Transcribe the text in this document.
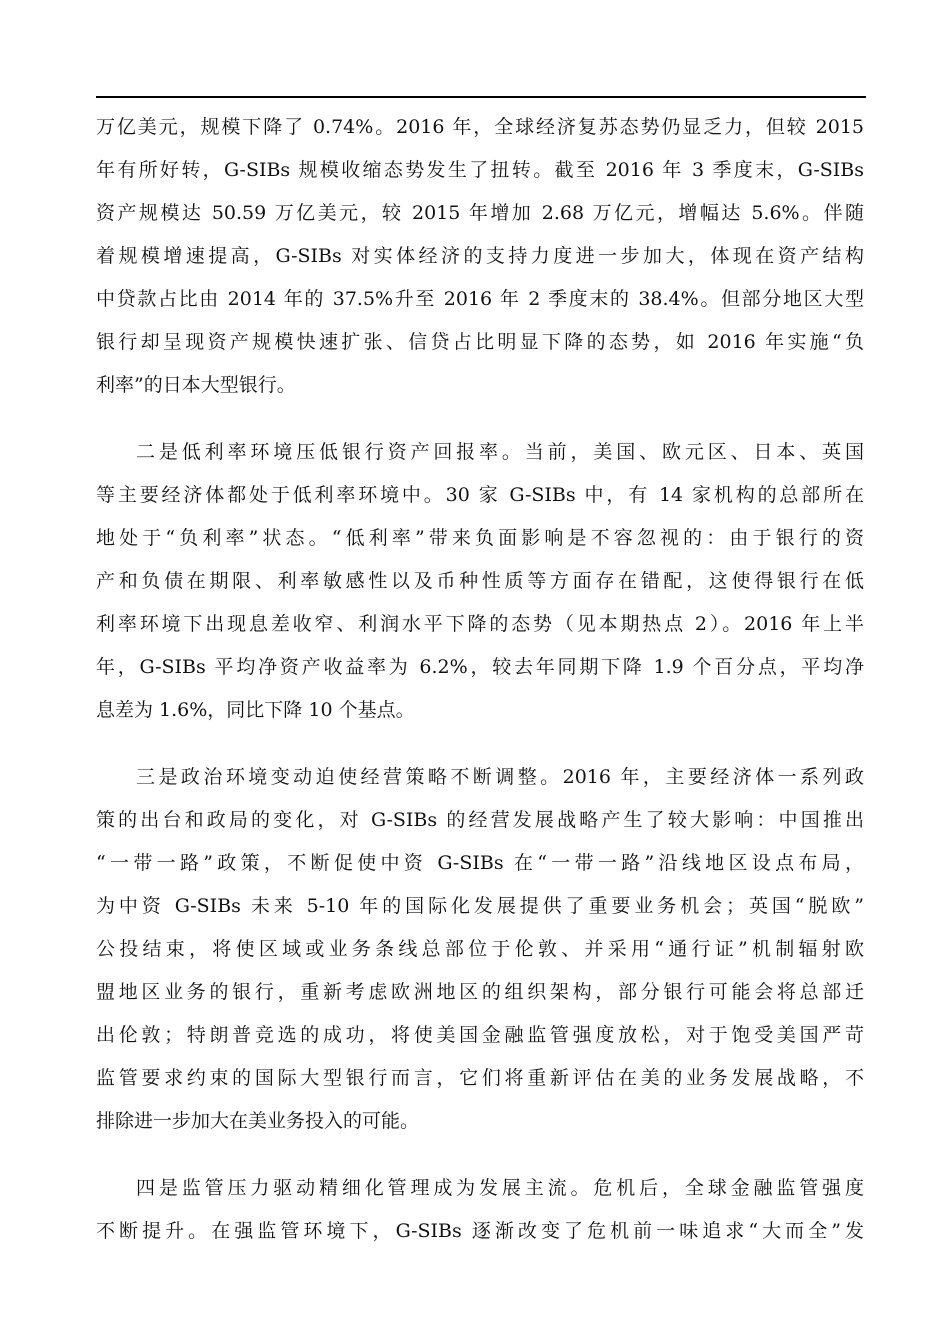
万亿美元，规模下降了 0.74%。2016 年，全球经济复苏态势仍显乏力，但较 2015
年有所好转，G-SIBs 规模收缩态势发生了扭转。截至 2016 年 3 季度末，G-SIBs
资产规模达 50.59 万亿美元，较 2015 年增加 2.68 万亿元，增幅达 5.6%。伴随
着规模增速提高，G-SIBs 对实体经济的支持力度进一步加大，体现在资产结构
中贷款占比由 2014 年的 37.5%升至 2016 年 2 季度末的 38.4%。但部分地区大型
银行却呈现资产规模快速扩张、信贷占比明显下降的态势，如 2016 年实施“负
利率”的日本大型银行。
二是低利率环境压低银行资产回报率。当前，美国、欧元区、日本、英国
等主要经济体都处于低利率环境中。30 家 G-SIBs 中，有 14 家机构的总部所在
地处于“负利率”状态。“低利率”带来负面影响是不容忽视的：由于银行的资
产和负债在期限、利率敏感性以及币种性质等方面存在错配，这使得银行在低
利率环境下出现息差收窄、利润水平下降的态势（见本期热点 2）。2016 年上半
年，G-SIBs 平均净资产收益率为 6.2%，较去年同期下降 1.9 个百分点，平均净
息差为 1.6%，同比下降 10 个基点。
三是政治环境变动迫使经营策略不断调整。2016 年，主要经济体一系列政
策的出台和政局的变化，对 G-SIBs 的经营发展战略产生了较大影响：中国推出
“一带一路”政策，不断促使中资 G-SIBs 在“一带一路”沿线地区设点布局，
为中资 G-SIBs 未来 5-10 年的国际化发展提供了重要业务机会；英国“脱欧”
公投结束，将使区域或业务条线总部位于伦敦、并采用“通行证”机制辐射欧
盟地区业务的银行，重新考虑欧洲地区的组织架构，部分银行可能会将总部迁
出伦敦；特朗普竞选的成功，将使美国金融监管强度放松，对于饱受美国严苛
监管要求约束的国际大型银行而言，它们将重新评估在美的业务发展战略，不
排除进一步加大在美业务投入的可能。
四是监管压力驱动精细化管理成为发展主流。危机后，全球金融监管强度
不断提升。在强监管环境下，G-SIBs 逐渐改变了危机前一味追求“大而全”发
